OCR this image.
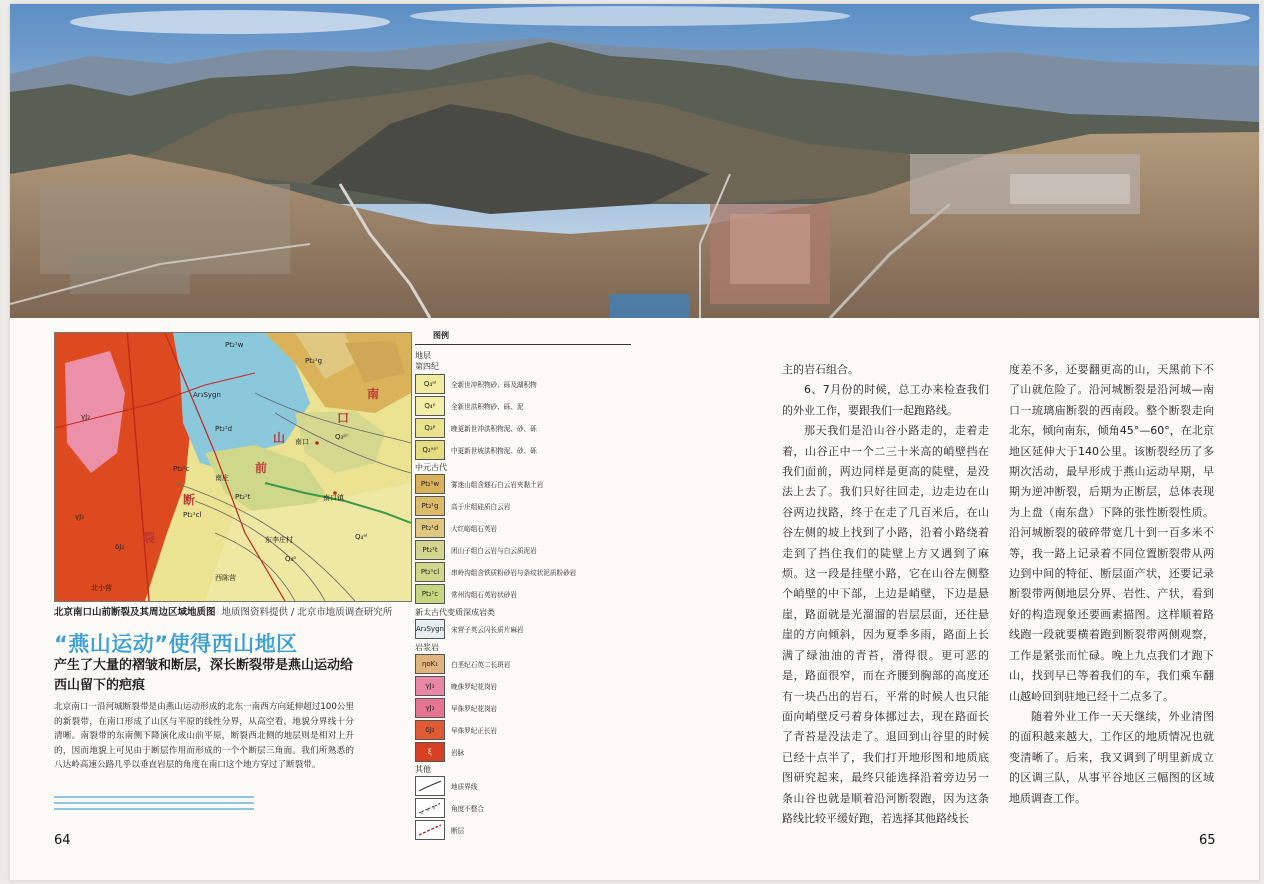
Pt₂¹w
Pt₂¹g
Ar₃Sygn
Q₃ᵖˡ
Q₄ᵃˡ
Q₄ᵖ
Pt₂¹d
Pt₂¹c
Pt₂¹cl
Pt₂¹t
γJ₂
δJ₂
γJ₃
南口
南口镇
东李庄村
南庄
西陈营
北小营
南
口
山
前
断
裂
北京南口山前断裂及其周边区域地质图 地质图资料提供 / 北京市地质调查研究所
“燕山运动”使得西山地区
产生了大量的褶皱和断层，深长断裂带是燕山运动给西山留下的疤痕
北京南口一沿河城断裂带是由燕山运动形成的北东一南西方向延伸超过100公里的新裂带，在南口形成了山区与平原的线性分界，从高空看，地貌分界线十分清晰。南裂带的东南侧下降演化成山前平原，断裂西北侧的地层则是相对上升的，因而地貌上可见由于断层作用而形成的一个个断层三角面。我们所熟悉的八达岭高速公路几乎以垂直岩层的角度在南口这个地方穿过了断裂带。
图例
地层
第四纪
Q₄ᵃˡ	全新世冲积物砂、砾及湖积物
Q₄ᵖ	全新世洪积物砂、砾、泥
Q₃ᵖ	晚更新世冲洪积物泥、砂、砾
Q₂ᵃᵖˡ	中更新世坡洪积物泥、砂、砾
中元古代
Pt₂¹w	雾迷山组含燧石白云岩夹黏土岩
Pt₂¹g	高于庄组硅质白云岩
Pt₂¹d	大红峪组石英岩
Pt₂¹t	团山子组白云岩与白云质泥岩
Pt₂¹cl	串岭沟组含铁质粉砂岩与条纹状泥质粉砂岩
Pt₂¹c	常州沟组石英岩状砂岩
新太古代变质深成岩类
Ar₃Sygn 宋营子英云闪长质片麻岩
岩浆岩
ηοK₁	白垩纪石英二长斑岩
γJ₃	晚侏罗纪花岗岩
γJ₂	早侏罗纪花岗岩
δJ₂	早侏罗纪正长岩
ξ	岩脉
其他
地质界线
角度不整合
断层

主的岩石组合。

6、7月份的时候，总工办来检查我们的外业工作，要跟我们一起跑路线。

那天我们是沿山谷小路走的，走着走着，山谷正中一个二三十米高的峭壁挡在我们面前，两边同样是更高的陡壁，是没法上去了。我们只好往回走，边走边在山谷两边找路，终于在走了几百米后，在山谷左侧的坡上找到了小路，沿着小路绕着走到了挡住我们的陡壁上方又遇到了麻烦。这一段是挂壁小路，它在山谷左侧整个峭壁的中下部，上边是峭壁，下边是悬崖，路面就是光溜溜的岩层层面，还往悬崖的方向倾斜，因为夏季多雨，路面上长满了绿油油的青苔，滑得很。更可恶的是，路面很窄，而在齐腰到胸部的高度还有一块凸出的岩石，平常的时候人也只能面向峭壁反弓着身体挪过去，现在路面长了青苔是没法走了。退回到山谷里的时候已经十点半了，我们打开地形图和地质底图研究起来，最终只能选择沿着旁边另一条山谷也就是顺着沿河断裂跑，因为这条路线比较平缓好跑，若选择其他路线长

度差不多，还要翻更高的山，天黑前下不了山就危险了。沿河城断裂是沿河城—南口一琉璃庙断裂的西南段。整个断裂走向北东，倾向南东，倾角45°—60°，在北京地区延伸大于140公里。该断裂经历了多期次活动，最早形成于燕山运动早期，早期为逆冲断裂，后期为正断层，总体表现为上盘（南东盘）下降的张性断裂性质。沿河城断裂的破碎带宽几十到一百多米不等，我一路上记录着不同位置断裂带从两边到中间的特征、断层面产状，还要记录断裂带两侧地层分界、岩性、产状，看到好的构造现象还要画素描图。这样顺着路线跑一段就要横着跑到断裂带两侧观察，工作是紧张而忙碌。晚上九点我们才跑下山，找到早已等着我们的车，我们乘车翻山越岭回到驻地已经十二点多了。

随着外业工作一天天继续，外业清图的面积越来越大，工作区的地质情况也就变清晰了。后来，我又调到了明里新成立的区调三队，从事平谷地区三幅图的区域地质调查工作。

64	65
